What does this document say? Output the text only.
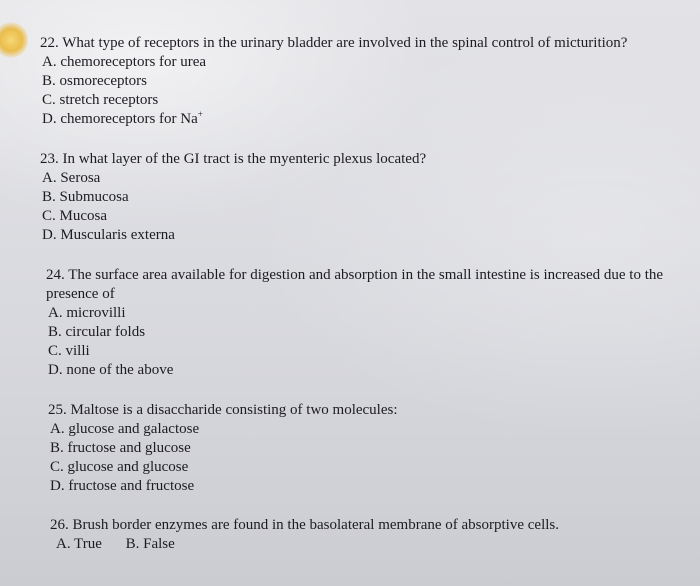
22. What type of receptors in the urinary bladder are involved in the spinal control of micturition?
A. chemoreceptors for urea
B. osmoreceptors
C. stretch receptors
D. chemoreceptors for Na+
23. In what layer of the GI tract is the myenteric plexus located?
A. Serosa
B. Submucosa
C. Mucosa
D. Muscularis externa
24. The surface area available for digestion and absorption in the small intestine is increased due to the presence of
A. microvilli
B. circular folds
C. villi
D. none of the above
25. Maltose is a disaccharide consisting of two molecules:
A. glucose and galactose
B. fructose and glucose
C. glucose and glucose
D. fructose and fructose
26. Brush border enzymes are found in the basolateral membrane of absorptive cells.
A. True B. False
